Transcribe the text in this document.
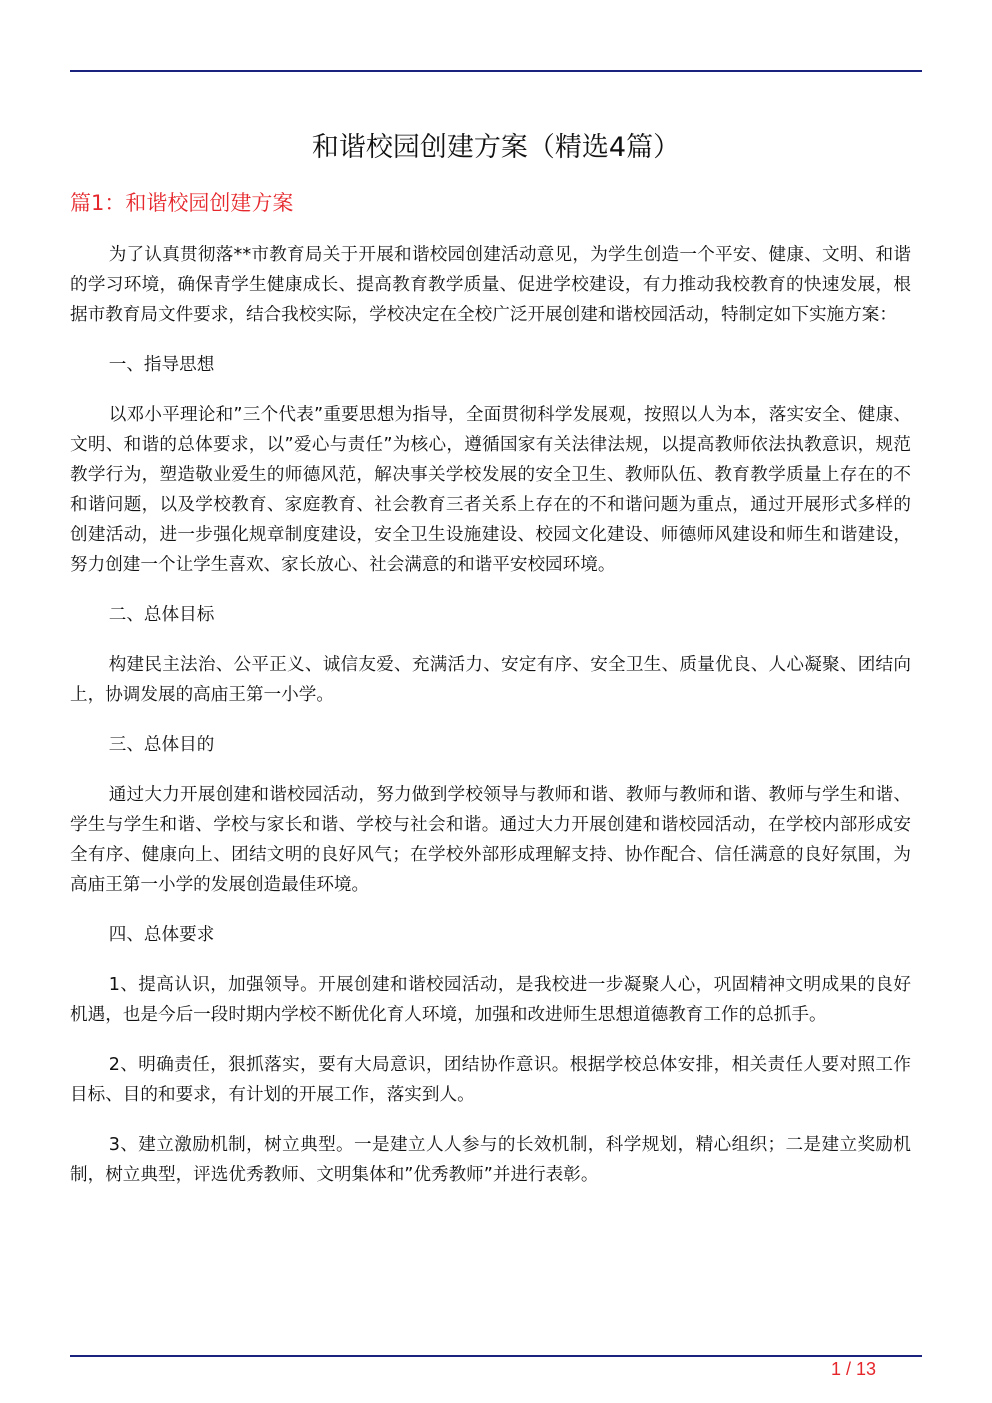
和谐校园创建方案（精选4篇）
篇1：和谐校园创建方案

为了认真贯彻落**市教育局关于开展和谐校园创建活动意见，为学生创造一个平安、健康、文明、和谐的学习环境，确保青学生健康成长、提高教育教学质量、促进学校建设，有力推动我校教育的快速发展，根据市教育局文件要求，结合我校实际，学校决定在全校广泛开展创建和谐校园活动，特制定如下实施方案：

一、指导思想

以邓小平理论和”三个代表”重要思想为指导，全面贯彻科学发展观，按照以人为本，落实安全、健康、文明、和谐的总体要求，以”爱心与责任”为核心，遵循国家有关法律法规，以提高教师依法执教意识，规范教学行为，塑造敬业爱生的师德风范，解决事关学校发展的安全卫生、教师队伍、教育教学质量上存在的不和谐问题，以及学校教育、家庭教育、社会教育三者关系上存在的不和谐问题为重点，通过开展形式多样的创建活动，进一步强化规章制度建设，安全卫生设施建设、校园文化建设、师德师风建设和师生和谐建设，努力创建一个让学生喜欢、家长放心、社会满意的和谐平安校园环境。

二、总体目标

构建民主法治、公平正义、诚信友爱、充满活力、安定有序、安全卫生、质量优良、人心凝聚、团结向上，协调发展的高庙王第一小学。

三、总体目的

通过大力开展创建和谐校园活动，努力做到学校领导与教师和谐、教师与教师和谐、教师与学生和谐、学生与学生和谐、学校与家长和谐、学校与社会和谐。通过大力开展创建和谐校园活动，在学校内部形成安全有序、健康向上、团结文明的良好风气；在学校外部形成理解支持、协作配合、信任满意的良好氛围，为高庙王第一小学的发展创造最佳环境。

四、总体要求

1、提高认识，加强领导。开展创建和谐校园活动，是我校进一步凝聚人心，巩固精神文明成果的良好机遇，也是今后一段时期内学校不断优化育人环境，加强和改进师生思想道德教育工作的总抓手。

2、明确责任，狠抓落实，要有大局意识，团结协作意识。根据学校总体安排，相关责任人要对照工作目标、目的和要求，有计划的开展工作，落实到人。

3、建立激励机制，树立典型。一是建立人人参与的长效机制，科学规划，精心组织；二是建立奖励机制，树立典型，评选优秀教师、文明集体和”优秀教师”并进行表彰。

1 / 13
